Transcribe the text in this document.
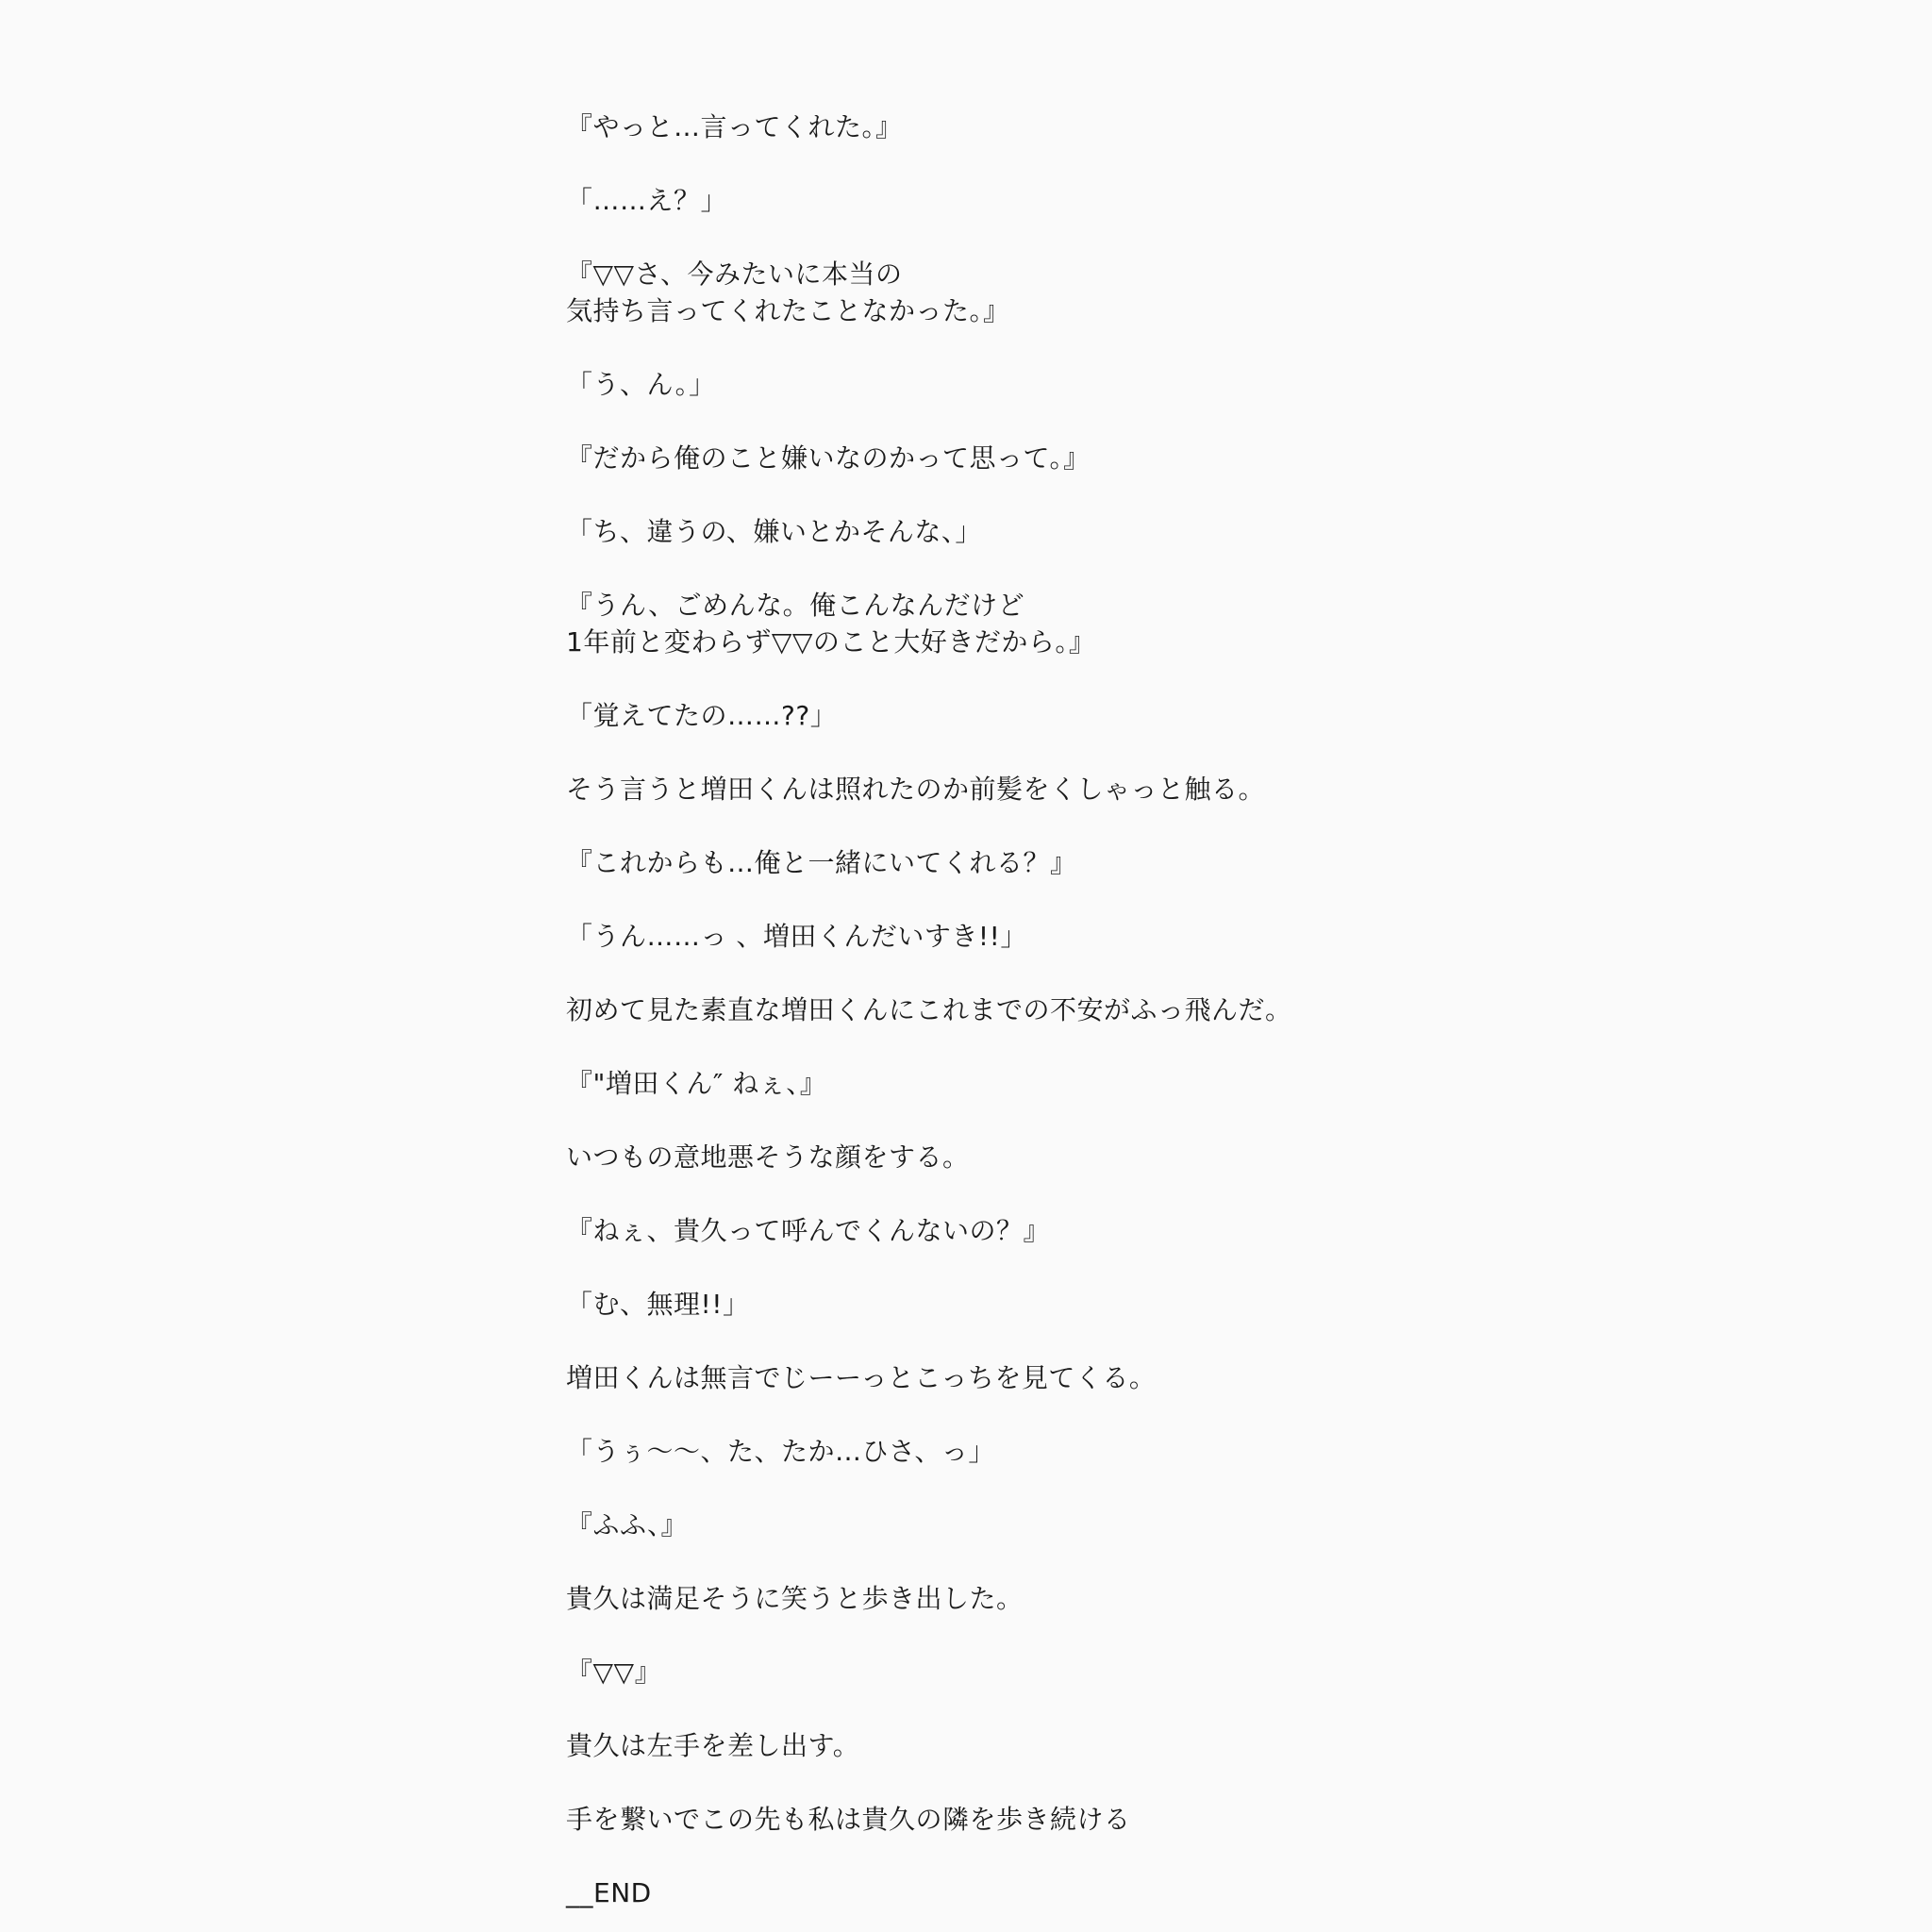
『やっと…言ってくれた。』

「……え？」

『▽▽さ、今みたいに本当の
気持ち言ってくれたことなかった。』

「う、ん。」

『だから俺のこと嫌いなのかって思って。』

「ち、違うの、嫌いとかそんな、」

『うん、ごめんな。俺こんなんだけど
1年前と変わらず▽▽のこと大好きだから。』

「覚えてたの……??」

そう言うと増田くんは照れたのか前髪をくしゃっと触る。

『これからも…俺と一緒にいてくれる？』

「うん……っ 、増田くんだいすき!!」

初めて見た素直な増田くんにこれまでの不安がふっ飛んだ。

『"増田くん″ ねぇ、』

いつもの意地悪そうな顔をする。

『ねぇ、貴久って呼んでくんないの？』

「む、無理!!」

増田くんは無言でじーーっとこっちを見てくる。

「うぅ〜〜、た、たか…ひさ、っ」

『ふふ、』

貴久は満足そうに笑うと歩き出した。

『▽▽』

貴久は左手を差し出す。

手を繋いでこの先も私は貴久の隣を歩き続ける

__END
